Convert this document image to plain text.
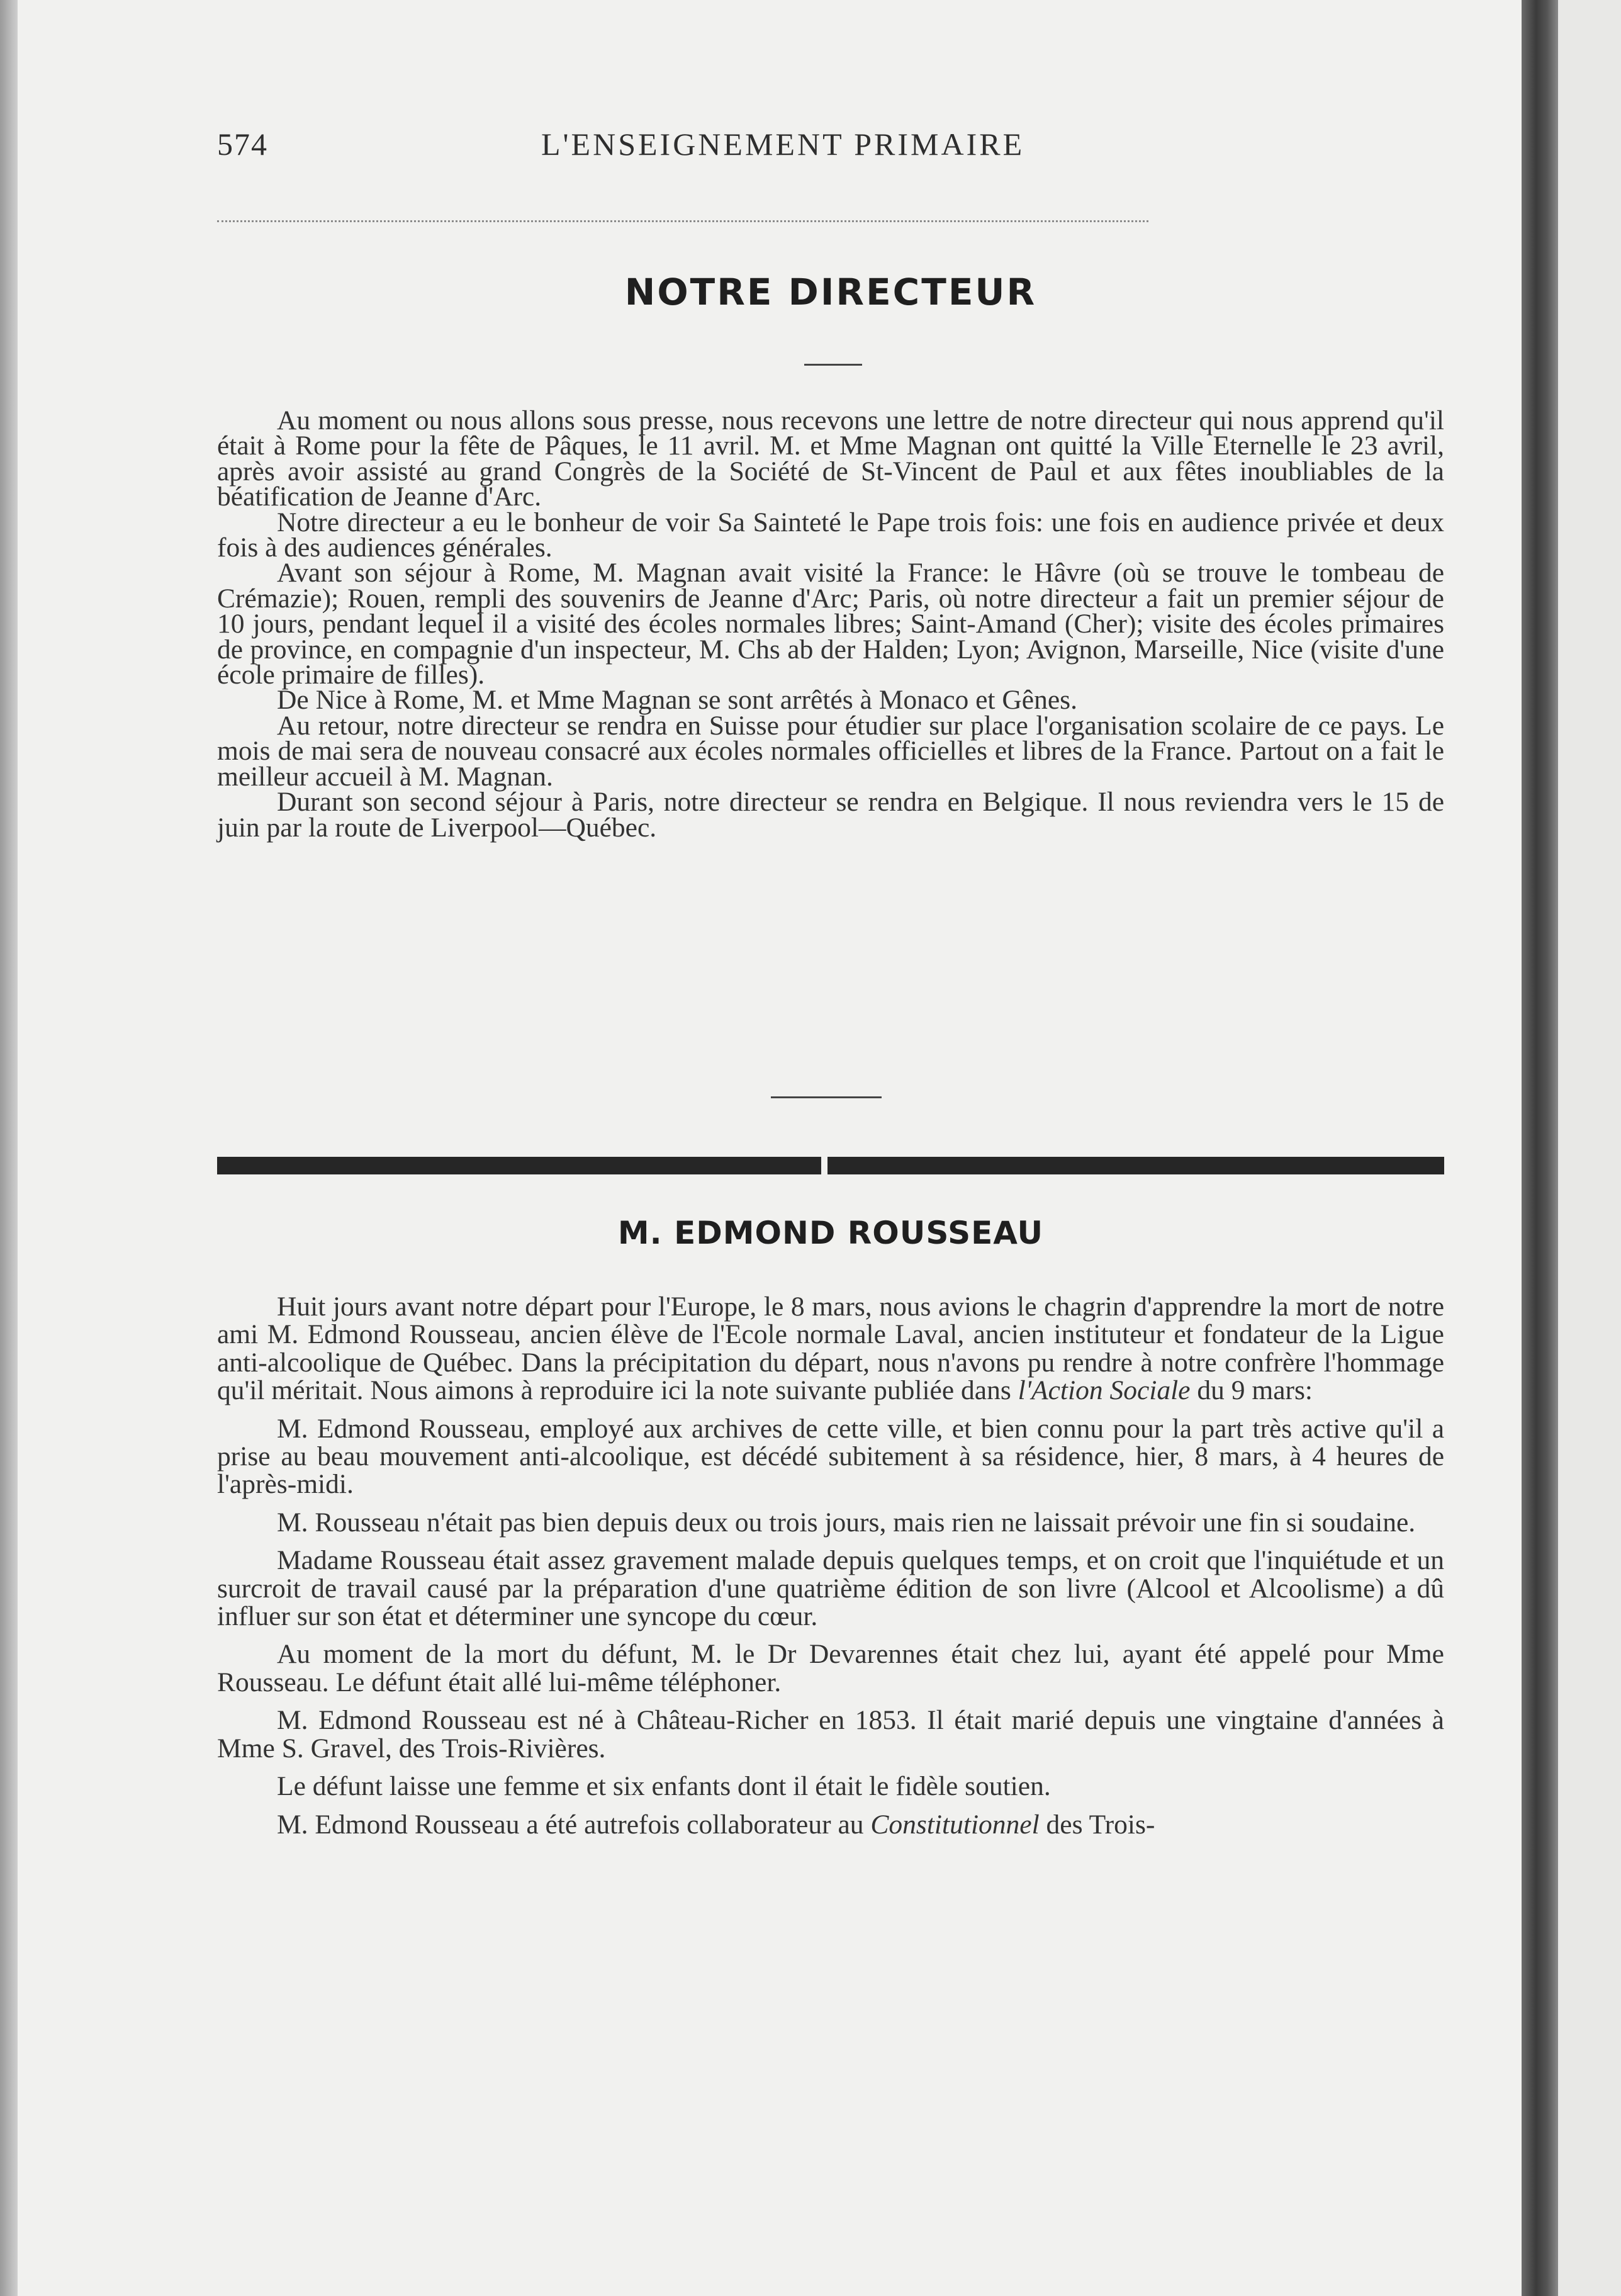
574	L'ENSEIGNEMENT PRIMAIRE
NOTRE DIRECTEUR

Au moment ou nous allons sous presse, nous recevons une lettre de notre directeur qui nous apprend qu'il était à Rome pour la fête de Pâques, le 11 avril. M. et Mme Magnan ont quitté la Ville Eternelle le 23 avril, après avoir assisté au grand Congrès de la Société de St-Vincent de Paul et aux fêtes inoubliables de la béatification de Jeanne d'Arc.

Notre directeur a eu le bonheur de voir Sa Sainteté le Pape trois fois: une fois en audience privée et deux fois à des audiences générales.

Avant son séjour à Rome, M. Magnan avait visité la France: le Hâvre (où se trouve le tombeau de Crémazie); Rouen, rempli des souvenirs de Jeanne d'Arc; Paris, où notre directeur a fait un premier séjour de 10 jours, pendant lequel il a visité des écoles normales libres; Saint-Amand (Cher); visite des écoles primaires de province, en compagnie d'un inspecteur, M. Chs ab der Halden; Lyon; Avignon, Marseille, Nice (visite d'une école primaire de filles).

De Nice à Rome, M. et Mme Magnan se sont arrêtés à Monaco et Gênes.

Au retour, notre directeur se rendra en Suisse pour étudier sur place l'organisation scolaire de ce pays. Le mois de mai sera de nouveau consacré aux écoles normales officielles et libres de la France. Partout on a fait le meilleur accueil à M. Magnan.

Durant son second séjour à Paris, notre directeur se rendra en Belgique. Il nous reviendra vers le 15 de juin par la route de Liverpool—Québec.

M. EDMOND ROUSSEAU

Huit jours avant notre départ pour l'Europe, le 8 mars, nous avions le chagrin d'apprendre la mort de notre ami M. Edmond Rousseau, ancien élève de l'Ecole normale Laval, ancien instituteur et fondateur de la Ligue anti-alcoolique de Québec. Dans la précipitation du départ, nous n'avons pu rendre à notre confrère l'hommage qu'il méritait. Nous aimons à reproduire ici la note suivante publiée dans l'Action Sociale du 9 mars:

M. Edmond Rousseau, employé aux archives de cette ville, et bien connu pour la part très active qu'il a prise au beau mouvement anti-alcoolique, est décédé subitement à sa résidence, hier, 8 mars, à 4 heures de l'après-midi.

M. Rousseau n'était pas bien depuis deux ou trois jours, mais rien ne laissait prévoir une fin si soudaine.

Madame Rousseau était assez gravement malade depuis quelques temps, et on croit que l'inquiétude et un surcroit de travail causé par la préparation d'une quatrième édition de son livre (Alcool et Alcoolisme) a dû influer sur son état et déterminer une syncope du cœur.

Au moment de la mort du défunt, M. le Dr Devarennes était chez lui, ayant été appelé pour Mme Rousseau. Le défunt était allé lui-même téléphoner.

M. Edmond Rousseau est né à Château-Richer en 1853. Il était marié depuis une vingtaine d'années à Mme S. Gravel, des Trois-Rivières.

Le défunt laisse une femme et six enfants dont il était le fidèle soutien.

M. Edmond Rousseau a été autrefois collaborateur au Constitutionnel des Trois-
